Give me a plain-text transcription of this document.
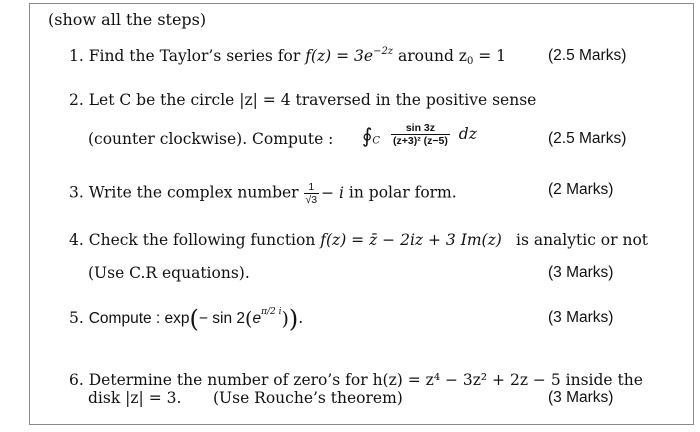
(show all the steps)
1. Find the Taylor’s series for $f(z) = 3e^{-2z}$ around $z_0 = 1$	(2.5 Marks)
2. Let C be the circle |z| = 4 traversed in the positive sense
(counter clockwise). Compute : $∮_C \frac{\sin 3z}{\text{(z+3)² (z−5)}}$ dz	(2.5 Marks)
3. Write the complex number $\frac{1}{√3} - i$ in polar form.	(2 Marks)
4. Check the following function f(z) = z̄ − 2iz + 3 Im(z) is analytic or not
(Use C.R equations).	(3 Marks)
5. Compute : $\exp(- \sin 2(e^{\pi/2 i}))$.	(3 Marks)
6. Determine the number of zero’s for h(z) = z⁴ − 3z² + 2z − 5 inside the
disk |z| = 3. (Use Rouche’s theorem)	(3 Marks)
